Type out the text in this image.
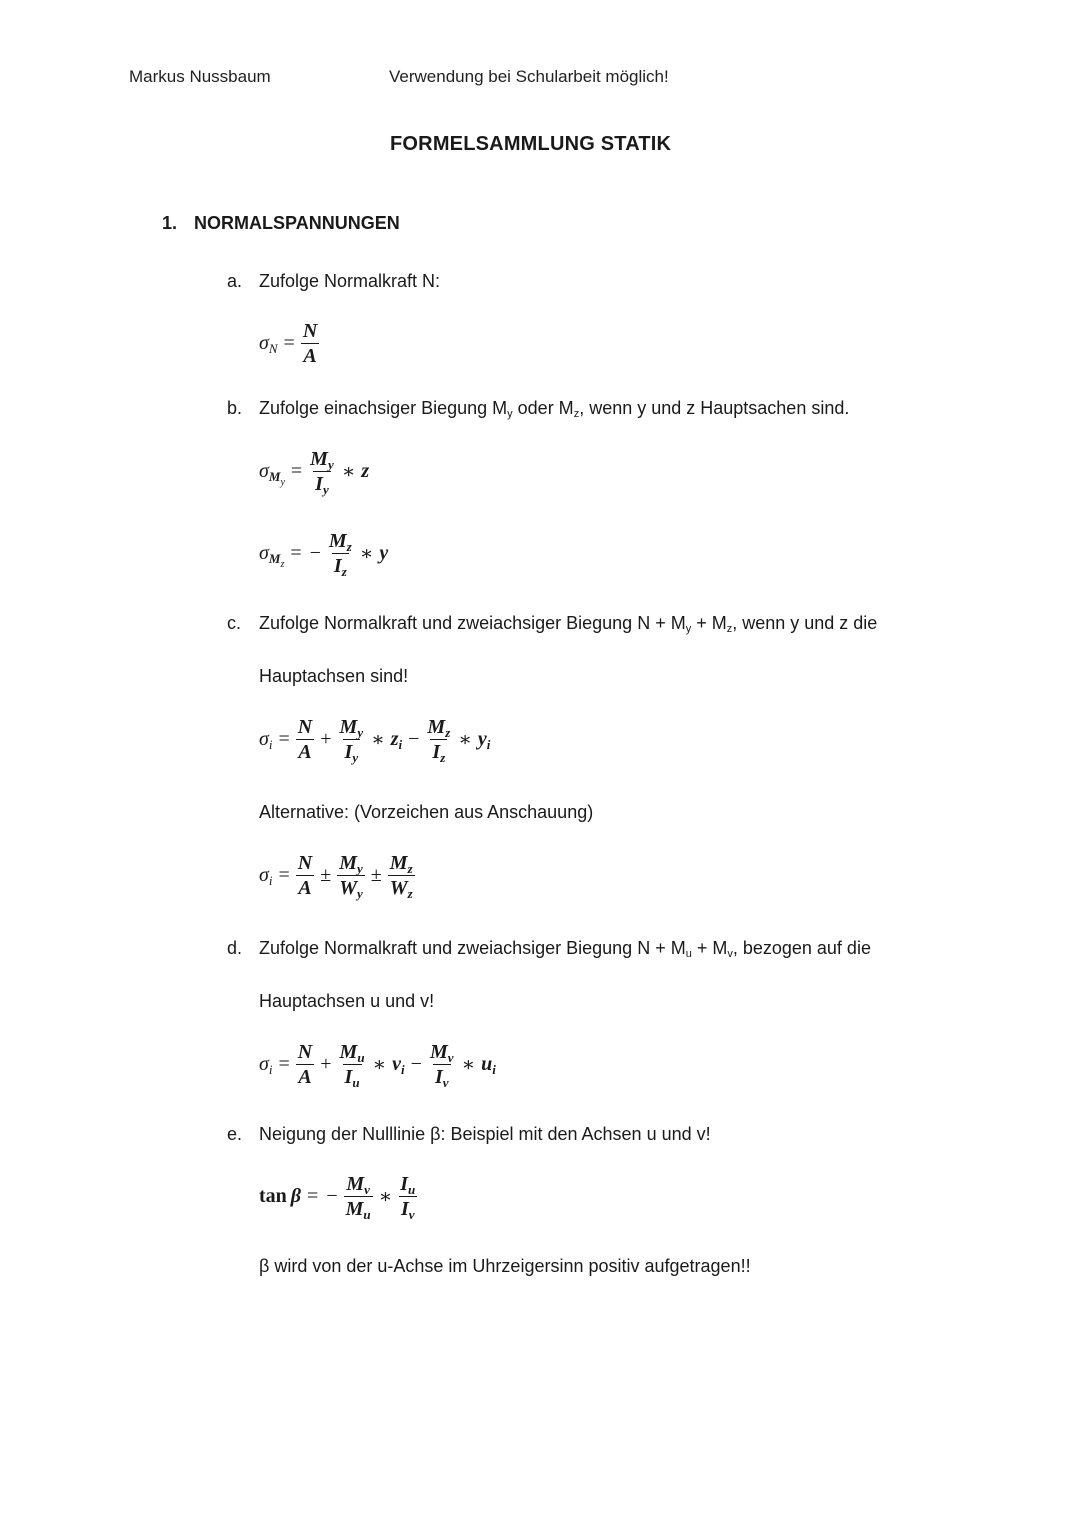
Markus Nussbaum	Verwendung bei Schularbeit möglich!
FORMELSAMMLUNG STATIK
1. NORMALSPANNUNGEN
a. Zufolge Normalkraft N:
$\sigma_N = \frac{N}{A}$
b. Zufolge einachsiger Biegung $M_y$ oder $M_z$, wenn y und z Hauptsachen sind.
$\sigma_{M_y}$
= $\frac{M_y}{I_y}$ ∗ z
$\sigma_{M_z}$
= − $\frac{M_z}{I_z}$ ∗ y
c. Zufolge Normalkraft und zweiachsiger Biegung $N + M_y + M_z$, wenn y und z die
Hauptachsen sind!
$\sigma_i = \frac{N}{A} + \frac{M_y}{I_y}$ ∗ $z_i - \frac{M_z}{I_z}$ ∗ $y_i$
Alternative: (Vorzeichen aus Anschauung)
$\sigma_i = \frac{N}{A} \pm \frac{M_y}{W_y} \pm \frac{M_z}{W_z}$
d. Zufolge Normalkraft und zweiachsiger Biegung $N + M_u + M_v$, bezogen auf die
Hauptachsen u und v!
$\sigma_i = \frac{N}{A} + \frac{M_u}{I_u}$ ∗ $v_i - \frac{M_v}{I_v}$ ∗ $u_i$
e. Neigung der Nulllinie β: Beispiel mit den Achsen u und v!
tan β = − $\frac{M_v}{M_u}$ ∗ $\frac{I_u}{I_v}$
β wird von der u-Achse im Uhrzeigersinn positiv aufgetragen!!
